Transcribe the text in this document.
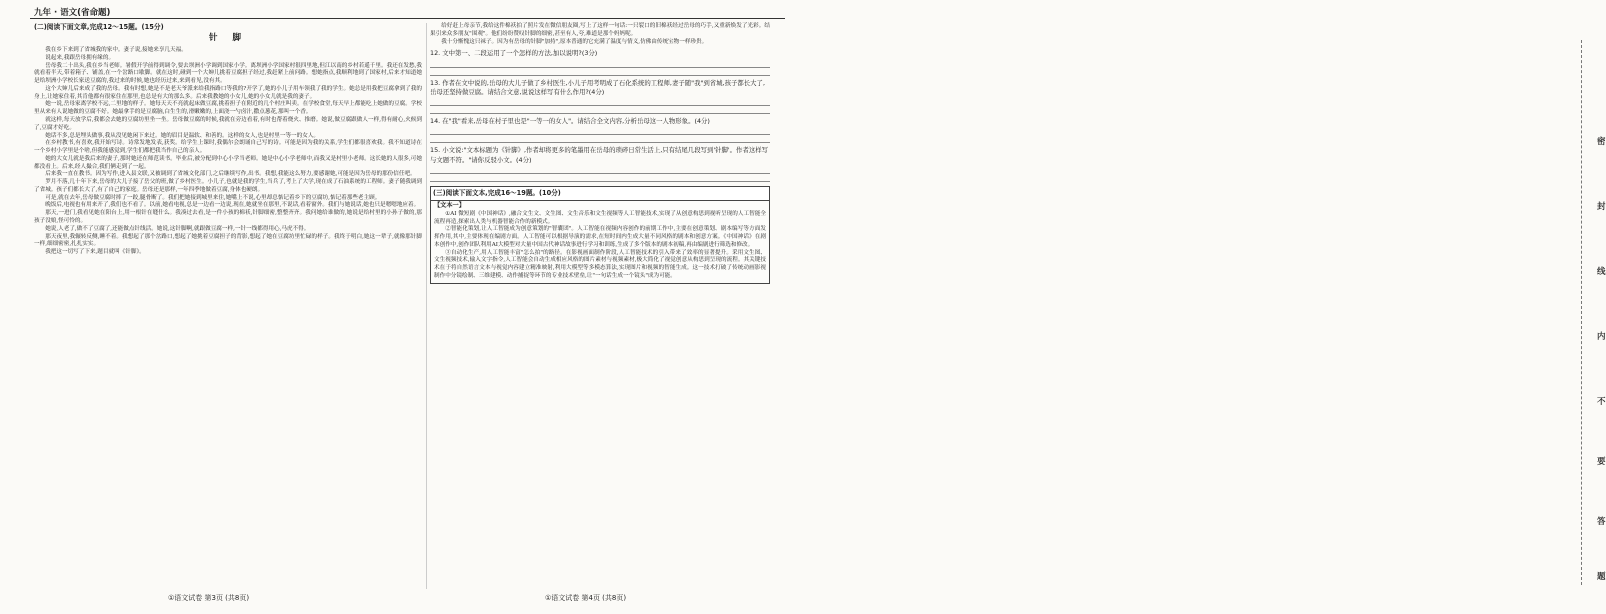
九年 · 语文(省命题)
(二)阅读下面文章,完成12～15题。(15分)
针 脚

我在乡下来到了省城我的家中。妻子说,接她来享几天福。

说起来,我跟岳母拥有缘的。

岳母我二十出头,我在乡当老师。暑假开学前得到调令,要去坝洲小学调到国家小学。离坝洲小学国家村很四里地,但江以南的乡村若遥千里。我还在发愁,我就看着半天,带着箱子、铺盖,在一个岔路口歇脚。就在这时,碰到一个大婶儿挑着豆腐担子经过,我赶紧上前问路。想她指点,我顺利地到了国家村,后来才知道她是给坝洲小学校长家送豆腐的,我过来的时候,她也经历过来,来到看见,没有其。

这个大婶儿后来成了我的岳母。我有时想,她是不是老天爷派来给我指路口等我的?开学了,她的小儿子用车领我了我的学生。她总是用我把豆腐拿到了我的身上,让她家住着,其肯他都有很家住在那里,也总是有大的那么多。后来我教她的小女儿,她的小女儿就是我的妻子。

她一说,岳母家离学校不远,二里地的样子。她每天天不亮就起床做豆腐,挑着担子在附近的几个村庄叫卖。在学校食堂,每天早上都能吃上她做的豆腐。学校里从来有人说她做的豆腐不好。她最拿手的是豆腐脑,白生生的,滑嫩嫩的,上面浇一勺卤汁,撒点葱花,那叫一个香。

就这样,每天放学后,我都会去她的豆腐坊里坐一坐。岳母做豆腐的时候,我就在旁边看着,有时也帮着烧火、推磨。她说,做豆腐跟做人一样,得有耐心,火候到了,豆腐才好吃。

她话不多,总是埋头做事,我从没见她闲下来过。她的眉目是温软、和善的。这样的女人,也是村里一等一的女人。

在乡村教书,有喜欢,我开始写诗。诗常发地发表,获奖。给学生上课时,我偶尔会朗诵自己写的诗。可能是因为我的关系,学生们都很喜欢我。我不知道诗在一个乡村小学里是个啥,但我能感觉到,学生们都把我当作自己的亲人。

她的大女儿就是我后来的妻子,那时她还在师范读书。毕业后,被分配到中心小学当老师。她是中心小学老师中,而我又是村里小老师。这长她的人很多,可她都没看上。后来,经人撮合,我们俩走到了一起。

后来我一直在教书。因为写作,进入县文联,又被调到了省城文化部门,之后继续写作,出书。我想,我能这么努力,要感谢她,可能是因为岳母的那份信任吧。

罗月不落,几十年下来,岳母的大儿子接了岳父的班,做了乡村医生。小儿子,也就是我的学生,当兵了,考上了大学,现在成了石油系统的工程师。妻子随我调到了省城。孩子们都长大了,有了自己的家庭。岳母还是那样,一年四季地做着豆腐,身体也硬朗。

可是,就在去年,岳母做豆腐时摔了一跤,腿骨断了。我们把她接到城里来住,她嘴上不说,心里却总惦记着乡下的豆腐坊,惦记着那些老主顾。

晚饭后,电视也有用来开了,我们也不看了。以前,她看电视,总是一边看一边说,现在,她就坐在那里,不说话,看着窗外。我们与她说话,她也只是嗯嗯地应着。

那天,一进门,我看见她在阳台上,用一根针在缝什么。我凑过去看,是一件小孩的棉袄,针脚细密,整整齐齐。我问她给谁做的,她说是给村里的小孙子做的,那孩子没娘,怪可怜的。

她说,人老了,做不了豆腐了,还能做点针线活。她说,这针脚啊,就跟做豆腐一样,一针一线都得用心,马虎不得。

那天夜里,我辗转反侧,睡不着。我想起了那个岔路口,想起了她挑着豆腐担子的背影,想起了她在豆腐坊里忙碌的样子。我终于明白,她这一辈子,就像那针脚一样,细细密密,扎扎实实。

我把这一切写了下来,题目就叫《针脚》。

给好赶上母亲节,我给这件棉袄拍了照片发在微信朋友圈,写上了这样一句话:一只裂口的旧棉袄经过岳母的巧手,又重新焕发了光彩。结果引来众多朋友"围观"。他们纷纷赞叹针脚的细密,甚至有人,夸,难道是那个妈妈呢。

我十分惭愧这只袜子。因为有岳母的针脚"加持",原本普通的它充满了温度与情义,仿佛由传统宝物一样珍贵。

12. 文中第一、二段运用了一个怎样的方法,加以说明?(3分)
13. 作者在文中说的,岳母的大儿子做了乡村医生,小儿子用考明成了石化系统的工程师,妻子随"我"到省城,孩子都长大了,岳母还坚持做豆腐。请结合文意,说说这样写有什么作用?(4分)
14. 在"我"看来,岳母在村子里也是"一等一的女人"。请结合全文内容,分析岳母这一人物形象。(4分)
15. 小文说:"文本标题为《针脚》,作者却将更多的笔墨用在岳母的琐碎日常生活上,只有结尾几段写到'针脚'。作者这样写与文题不符。"请你反驳小文。(4分)
(三)阅读下面文本,完成16～19题。(10分)
【文本一】

①AI 微短剧《中国神话》,融合文生文、文生图、文生音乐和文生视频等人工智能技术,实现了从创意构思到视听呈现的人工智能全流程再造,探索出人类与机器智能合作的新模式。

②智能化策划,让人工智能成为创意策划的"智囊团"。人工智能在视频内容创作的前期工作中,主要在创意策划、剧本编写等方面发挥作用,其中,主要体现在编剧方面。人工智能可以根据导演的需求,在短时间内生成大量不同风格的剧本和创意方案。《中国神话》在剧本创作中,创作团队利用AI大模型对大量中国古代神话故事进行学习和训练,生成了多个版本的剧本初稿,再由编剧进行筛选和修改。

③自动化生产,用人工智能丰富"怎么拍"的路径。在影视画面制作阶段,人工智能技术的引入带来了效率的显著提升。采用文生图、文生视频技术,输入文字指令,人工智能会自动生成相应风格的图片素材与视频素材,极大简化了视觉创意从构思到呈现的流程。其关键技术在于将自然语言文本与视觉内容建立精准映射,利用大模型等多模态算法,实现图片和视频的智能生成。这一技术打破了传统动画影视制作中分镜绘制、三维建模、动作捕捉等环节的专业技术壁垒,让"一句话生成一个镜头"成为可能。

①语文试卷 第3页 (共8页)	①语文试卷 第4页 (共8页)
密
封
线
内
不
要
答
题
